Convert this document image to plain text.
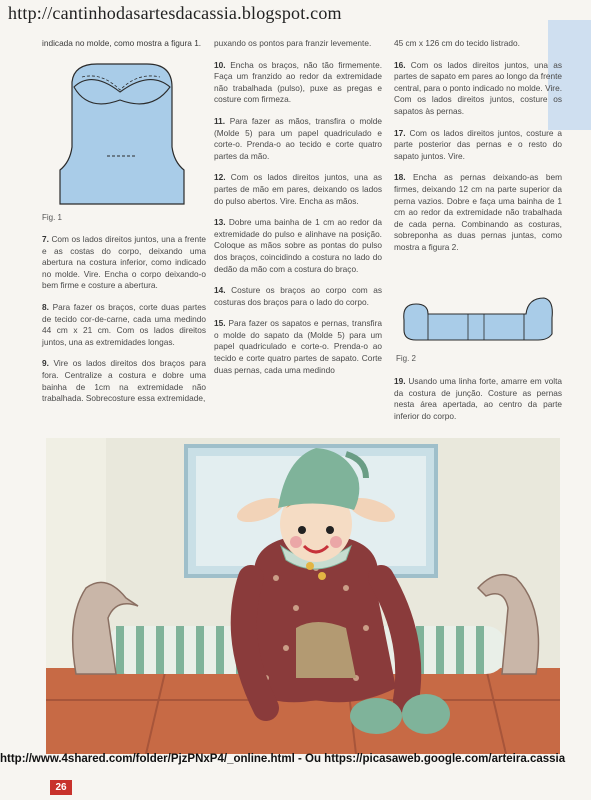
http://cantinhodasartesdacassia.blogspot.com
indicada no molde, como mostra a figura 1.
Fig. 1

7. Com os lados direitos juntos, una a frente e as costas do corpo, deixando uma abertura na costura inferior, como indicado no molde. Vire. Encha o corpo deixando-o bem firme e costure a abertura.

8. Para fazer os braços, corte duas partes de tecido cor-de-carne, cada uma medindo 44 cm x 21 cm. Com os lados direitos juntos, una as extremidades longas.

9. Vire os lados direitos dos braços para fora. Centralize a costura e dobre uma bainha de 1cm na extremidade não trabalhada. Sobrecosture essa extremidade,

puxando os pontos para franzir levemente.

10. Encha os braços, não tão firmemente. Faça um franzido ao redor da extremidade não trabalhada (pulso), puxe as pregas e costure com firmeza.

11. Para fazer as mãos, transfira o molde (Molde 5) para um papel quadriculado e corte-o. Prenda-o ao tecido e corte quatro partes da mão.

12. Com os lados direitos juntos, una as partes de mão em pares, deixando os lados do pulso abertos. Vire. Encha as mãos.

13. Dobre uma bainha de 1 cm ao redor da extremidade do pulso e alinhave na posição. Coloque as mãos sobre as pontas do pulso dos braços, coincidindo a costura no lado do dedão da mão com a costura do braço.

14. Costure os braços ao corpo com as costuras dos braços para o lado do corpo.

15. Para fazer os sapatos e pernas, transfira o molde do sapato da (Molde 5) para um papel quadriculado e corte-o. Prenda-o ao tecido e corte quatro partes de sapato. Corte duas pernas, cada uma medindo

45 cm x 126 cm do tecido listrado.

16. Com os lados direitos juntos, una as partes de sapato em pares ao longo da frente central, para o ponto indicado no molde. Vire. Com os lados direitos juntos, costure os sapatos às pernas.

17. Com os lados direitos juntos, costure a parte posterior das pernas e o resto do sapato juntos. Vire.

18. Encha as pernas deixando-as bem firmes, deixando 12 cm na parte superior da perna vazios. Dobre e faça uma bainha de 1 cm ao redor da extremidade não trabalhada de cada perna. Combinando as costuras, sobreponha as duas pernas juntas, como mostra a figura 2.

Fig. 2

19. Usando uma linha forte, amarre em volta da costura de junção. Costure as pernas nesta área apertada, ao centro da parte inferior do corpo.

http://www.4shared.com/folder/PjzPNxP4/_online.html - Ou https://picasaweb.google.com/arteira.cassia
26
